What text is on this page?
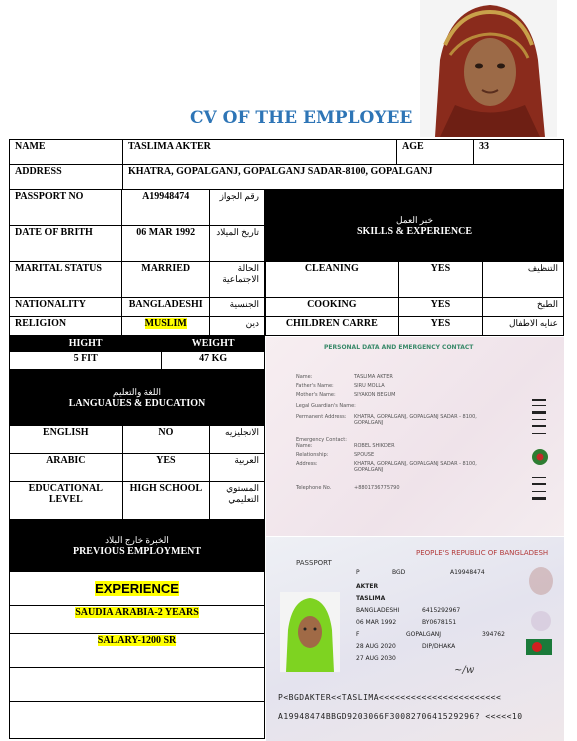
CV OF THE EMPLOYEE
NAME	TASLIMA AKTER	AGE	33
ADDRESS	KHATRA, GOPALGANJ, GOPALGANJ SADAR-8100, GOPALGANJ		
PASSPORT NO	A19948474	رقم الجواز
DATE OF BRITH	06 MAR 1992	تاريخ الميلاد
MARITAL STATUS	MARRIED	الحالة الاجتماعية
NATIONALITY	BANGLADESHI	الجنسية
RELIGION	MUSLIM	دين
خبر العمل
SKILLS & EXPERIENCE		

CLEANING	YES	التنظيف
COOKING	YES	الطبخ
CHILDREN CARRE	YES	عنايه الاطفال
HIGHT	WEIGHT
5 FIT	47 KG
اللغة والتعليم
LANGUAUES & EDUCATION		

ENGLISH	NO	الانجليزيه
ARABIC	YES	العربية
EDUCATIONAL LEVEL	HIGH SCHOOL	المستوي التعليمي
الخبرة خارج البلاد
PREVIOUS EMPLOYMENT

EXPERIENCE
SAUDIA ARABIA-2 YEARS
SALARY-1200 SR

PERSONAL DATA AND EMERGENCY CONTACT
Name:	TASLIMA AKTER
Father's Name:	SIRU MOLLA
Mother's Name:	SIYAKON BEGUM
Legal Guardian's Name:
Permanent Address: KHATRA, GOPALGANJ, GOPALGANJ SADAR - 8100, GOPALGANJ
Emergency Contact:
Name:	ROBEL SHIKDER
Relationship:	SPOUSE
Address:	KHATRA, GOPALGANJ, GOPALGANJ SADAR - 8100, GOPALGANJ
Telephone No.	+8801736775790
PEOPLE'S REPUBLIC OF BANGLADESH
PASSPORT
P	BGD	A19948474
AKTER
TASLIMA
BANGLADESHI	6415292967
06 MAR 1992	BY0678151
F	GOPALGANJ	394762
28 AUG 2020	DIP/DHAKA
27 AUG 2030
~/w
P<BGDAKTER<<TASLIMA<<<<<<<<<<<<<<<<<<<<<<<
A19948474BBGD9203066F3008270641529296? <<<<<10
